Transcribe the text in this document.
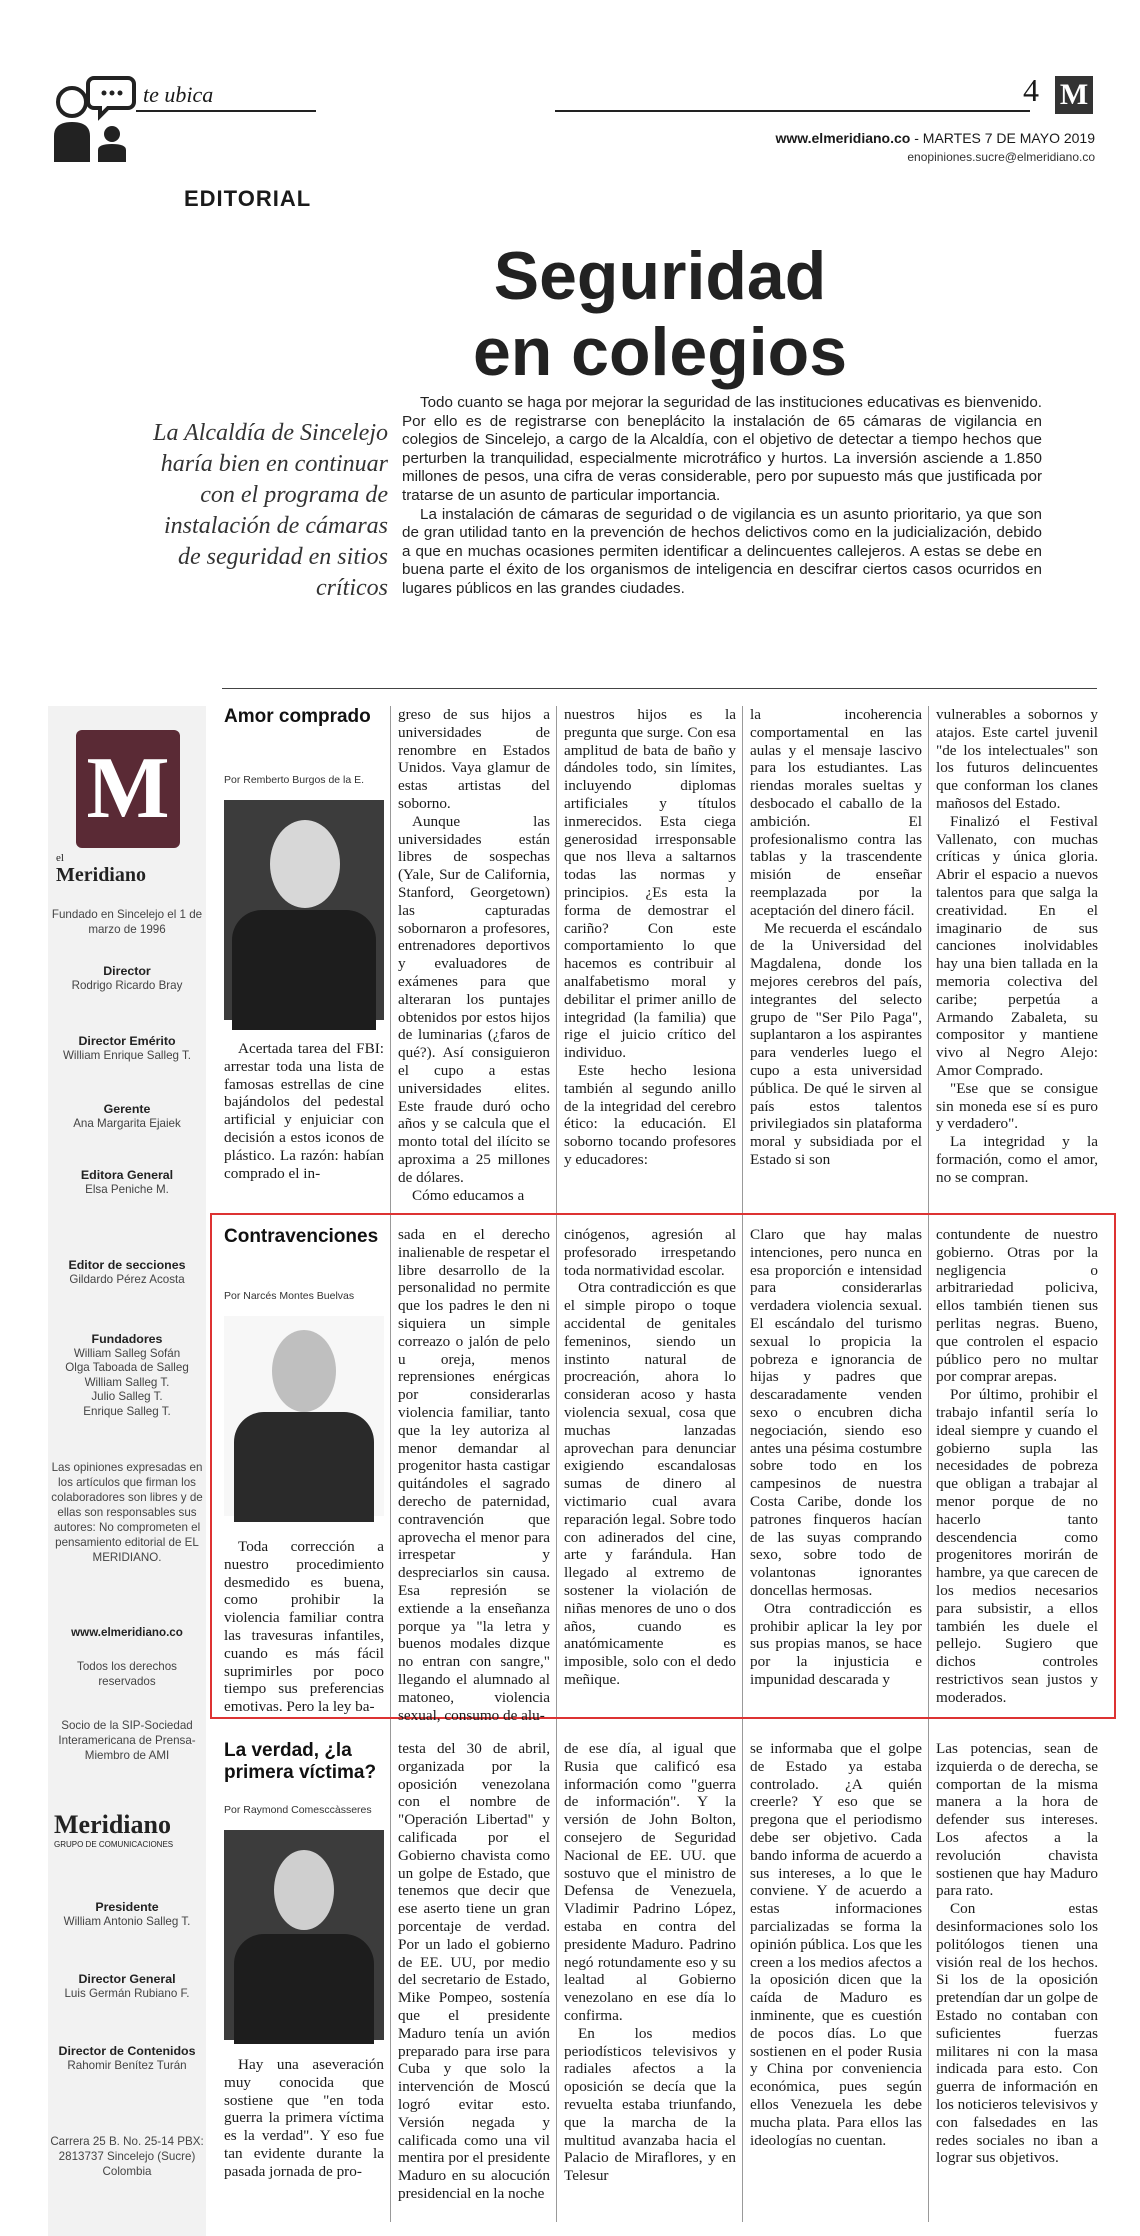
te ubica	4 M
www.elmeridiano.co - MARTES 7 DE MAYO 2019
enopiniones.sucre@elmeridiano.co
EDITORIAL
Seguridad
en colegios
La Alcaldía de Sincelejo haría bien en continuar con el programa de instalación de cámaras de seguridad en sitios críticos

Todo cuanto se haga por mejorar la seguridad de las instituciones educativas es bienvenido. Por ello es de registrarse con beneplácito la instalación de 65 cámaras de vigilancia en colegios de Sincelejo, a cargo de la Alcaldía, con el objetivo de detectar a tiempo hechos que perturben la tranquilidad, especialmente microtráfico y hurtos. La inversión asciende a 1.850 millones de pesos, una cifra de veras considerable, pero por supuesto más que justificada por tratarse de un asunto de particular importancia.

La instalación de cámaras de seguridad o de vigilancia es un asunto prioritario, ya que son de gran utilidad tanto en la prevención de hechos delictivos como en la judicialización, debido a que en muchas ocasiones permiten identificar a delincuentes callejeros. A estas se debe en buena parte el éxito de los organismos de inteligencia en descifrar ciertos casos ocurridos en lugares públicos en las grandes ciudades.

M
el
Meridiano
Fundado en Sincelejo el 1 de marzo de 1996
Director
Rodrigo Ricardo Bray
Director Emérito
William Enrique Salleg T.
Gerente
Ana Margarita Ejaiek
Editora General
Elsa Peniche M.
Editor de secciones
Gildardo Pérez Acosta
Fundadores
William Salleg Sofán
Olga Taboada de Salleg
William Salleg T.
Julio Salleg T.
Enrique Salleg T.
Las opiniones expresadas en los artículos que firman los colaboradores son libres y de ellas son responsables sus autores: No comprometen el pensamiento editorial de EL MERIDIANO.
www.elmeridiano.co
Todos los derechos reservados
Socio de la SIP-Sociedad Interamericana de Prensa-Miembro de AMI
Meridiano
GRUPO DE COMUNICACIONES
Presidente
William Antonio Salleg T.
Director General
Luis Germán Rubiano F.
Director de Contenidos
Rahomir Benítez Turán
Carrera 25 B. No. 25-14 PBX: 2813737 Sincelejo (Sucre) Colombia
Amor comprado
Por Remberto Burgos de la E.

Acertada tarea del FBI: arrestar toda una lista de famosas estrellas de cine bajándolos del pedestal artificial y enjuiciar con decisión a estos iconos de plástico. La razón: habían comprado el in-

greso de sus hijos a universidades de renombre en Estados Unidos. Vaya glamur de estas artistas del soborno.

Aunque las universidades están libres de sospechas (Yale, Sur de California, Stanford, Georgetown) las capturadas sobornaron a profesores, entrenadores deportivos y evaluadores de exámenes para que alteraran los puntajes obtenidos por estos hijos de luminarias (¿faros de qué?). Así consiguieron el cupo a estas universidades elites. Este fraude duró ocho años y se calcula que el monto total del ilícito se aproxima a 25 millones de dólares.

Cómo educamos a

nuestros hijos es la pregunta que surge. Con esa amplitud de bata de baño y dándoles todo, sin límites, incluyendo diplomas artificiales y títulos inmerecidos. Esta ciega generosidad irresponsable que nos lleva a saltarnos todas las normas y principios. ¿Es esta la forma de demostrar el cariño? Con este comportamiento lo que hacemos es contribuir al analfabetismo moral y debilitar el primer anillo de integridad (la familia) que rige el juicio crítico del individuo.

Este hecho lesiona también al segundo anillo de la integridad del cerebro ético: la educación. El soborno tocando profesores y educadores:

la incoherencia comportamental en las aulas y el mensaje lascivo para los estudiantes. Las riendas morales sueltas y desbocado el caballo de la ambición. El profesionalismo contra las tablas y la trascendente misión de enseñar reemplazada por la aceptación del dinero fácil.

Me recuerda el escándalo de la Universidad del Magdalena, donde los mejores cerebros del país, integrantes del selecto grupo de "Ser Pilo Paga", suplantaron a los aspirantes para venderles luego el cupo a esta universidad pública. De qué le sirven al país estos talentos privilegiados sin plataforma moral y subsidiada por el Estado si son

vulnerables a sobornos y atajos. Este cartel juvenil "de los intelectuales" son los futuros delincuentes que conforman los clanes mañosos del Estado.

Finalizó el Festival Vallenato, con muchas críticas y única gloria. Abrir el espacio a nuevos talentos para que salga la creatividad. En el imaginario de sus canciones inolvidables hay una bien tallada en la memoria colectiva del caribe; perpetúa a Armando Zabaleta, su compositor y mantiene vivo al Negro Alejo: Amor Comprado.

"Ese que se consigue sin moneda ese sí es puro y verdadero".

La integridad y la formación, como el amor, no se compran.

Contravenciones
Por Narcés Montes Buelvas

Toda corrección a nuestro procedimiento desmedido es buena, como prohibir la violencia familiar contra las travesuras infantiles, cuando es más fácil suprimirles por poco tiempo sus preferencias emotivas. Pero la ley ba-

sada en el derecho inalienable de respetar el libre desarrollo de la personalidad no permite que los padres le den ni siquiera un simple correazo o jalón de pelo u oreja, menos reprensiones enérgicas por considerarlas violencia familiar, tanto que la ley autoriza al menor demandar al progenitor hasta castigar quitándoles el sagrado derecho de paternidad, contravención que aprovecha el menor para irrespetar y despreciarlos sin causa. Esa represión se extiende a la enseñanza porque ya "la letra y buenos modales dizque no entran con sangre," llegando el alumnado al matoneo, violencia sexual, consumo de alu-

cinógenos, agresión al profesorado irrespetando toda normatividad escolar.

Otra contradicción es que el simple piropo o toque accidental de genitales femeninos, siendo un instinto natural de procreación, ahora lo consideran acoso y hasta violencia sexual, cosa que muchas lanzadas aprovechan para denunciar exigiendo escandalosas sumas de dinero al victimario cual avara reparación legal. Sobre todo con adinerados del cine, arte y farándula. Han llegado al extremo de sostener la violación de niñas menores de uno o dos años, cuando es anatómicamente es imposible, solo con el dedo meñique.

Claro que hay malas intenciones, pero nunca en esa proporción e intensidad para considerarlas verdadera violencia sexual. El escándalo del turismo sexual lo propicia la pobreza e ignorancia de hijas y padres que descaradamente venden sexo o encubren dicha negociación, siendo eso antes una pésima costumbre sobre todo en los campesinos de nuestra Costa Caribe, donde los patrones finqueros hacían de las suyas comprando sexo, sobre todo de volantonas ignorantes doncellas hermosas.

Otra contradicción es prohibir aplicar la ley por sus propias manos, se hace por la injusticia e impunidad descarada y

contundente de nuestro gobierno. Otras por la negligencia o arbitrariedad policiva, ellos también tienen sus perlitas negras. Bueno, que controlen el espacio público pero no multar por comprar arepas.

Por último, prohibir el trabajo infantil sería lo ideal siempre y cuando el gobierno supla las necesidades de pobreza que obligan a trabajar al menor porque de no hacerlo tanto descendencia como progenitores morirán de hambre, ya que carecen de los medios necesarios para subsistir, a ellos también les duele el pellejo. Sugiero que dichos controles restrictivos sean justos y moderados.

La verdad, ¿la primera víctima?
Por Raymond Comesccàsseres

Hay una aseveración muy conocida que sostiene que "en toda guerra la primera víctima es la verdad". Y eso fue tan evidente durante la pasada jornada de pro-

testa del 30 de abril, organizada por la oposición venezolana con el nombre de "Operación Libertad" y calificada por el Gobierno chavista como un golpe de Estado, que tenemos que decir que ese aserto tiene un gran porcentaje de verdad. Por un lado el gobierno de EE. UU, por medio del secretario de Estado, Mike Pompeo, sostenía que el presidente Maduro tenía un avión preparado para irse para Cuba y que solo la intervención de Moscú logró evitar esto. Versión negada y calificada como una vil mentira por el presidente Maduro en su alocución presidencial en la noche

de ese día, al igual que Rusia que calificó esa información como "guerra de información". Y la versión de John Bolton, consejero de Seguridad Nacional de EE. UU. que sostuvo que el ministro de Defensa de Venezuela, Vladimir Padrino López, estaba en contra del presidente Maduro. Padrino negó rotundamente eso y su lealtad al Gobierno venezolano en ese día lo confirma.

En los medios periodísticos televisivos y radiales afectos a la oposición se decía que la revuelta estaba triunfando, que la marcha de la multitud avanzaba hacia el Palacio de Miraflores, y en Telesur

se informaba que el golpe de Estado ya estaba controlado. ¿A quién creerle? Y eso que se pregona que el periodismo debe ser objetivo. Cada bando informa de acuerdo a sus intereses, a lo que le conviene. Y de acuerdo a estas informaciones parcializadas se forma la opinión pública. Los que les creen a los medios afectos a la oposición dicen que la caída de Maduro es inminente, que es cuestión de pocos días. Lo que sostienen en el poder Rusia y China por conveniencia económica, pues según ellos Venezuela les debe mucha plata. Para ellos las ideologías no cuentan.

Las potencias, sean de izquierda o de derecha, se comportan de la misma manera a la hora de defender sus intereses. Los afectos a la revolución chavista sostienen que hay Maduro para rato.

Con estas desinformaciones solo los politólogos tienen una visión real de los hechos. Si los de la oposición pretendían dar un golpe de Estado no contaban con suficientes fuerzas militares ni con la masa indicada para esto. Con guerra de información en los noticieros televisivos y con falsedades en las redes sociales no iban a lograr sus objetivos.
